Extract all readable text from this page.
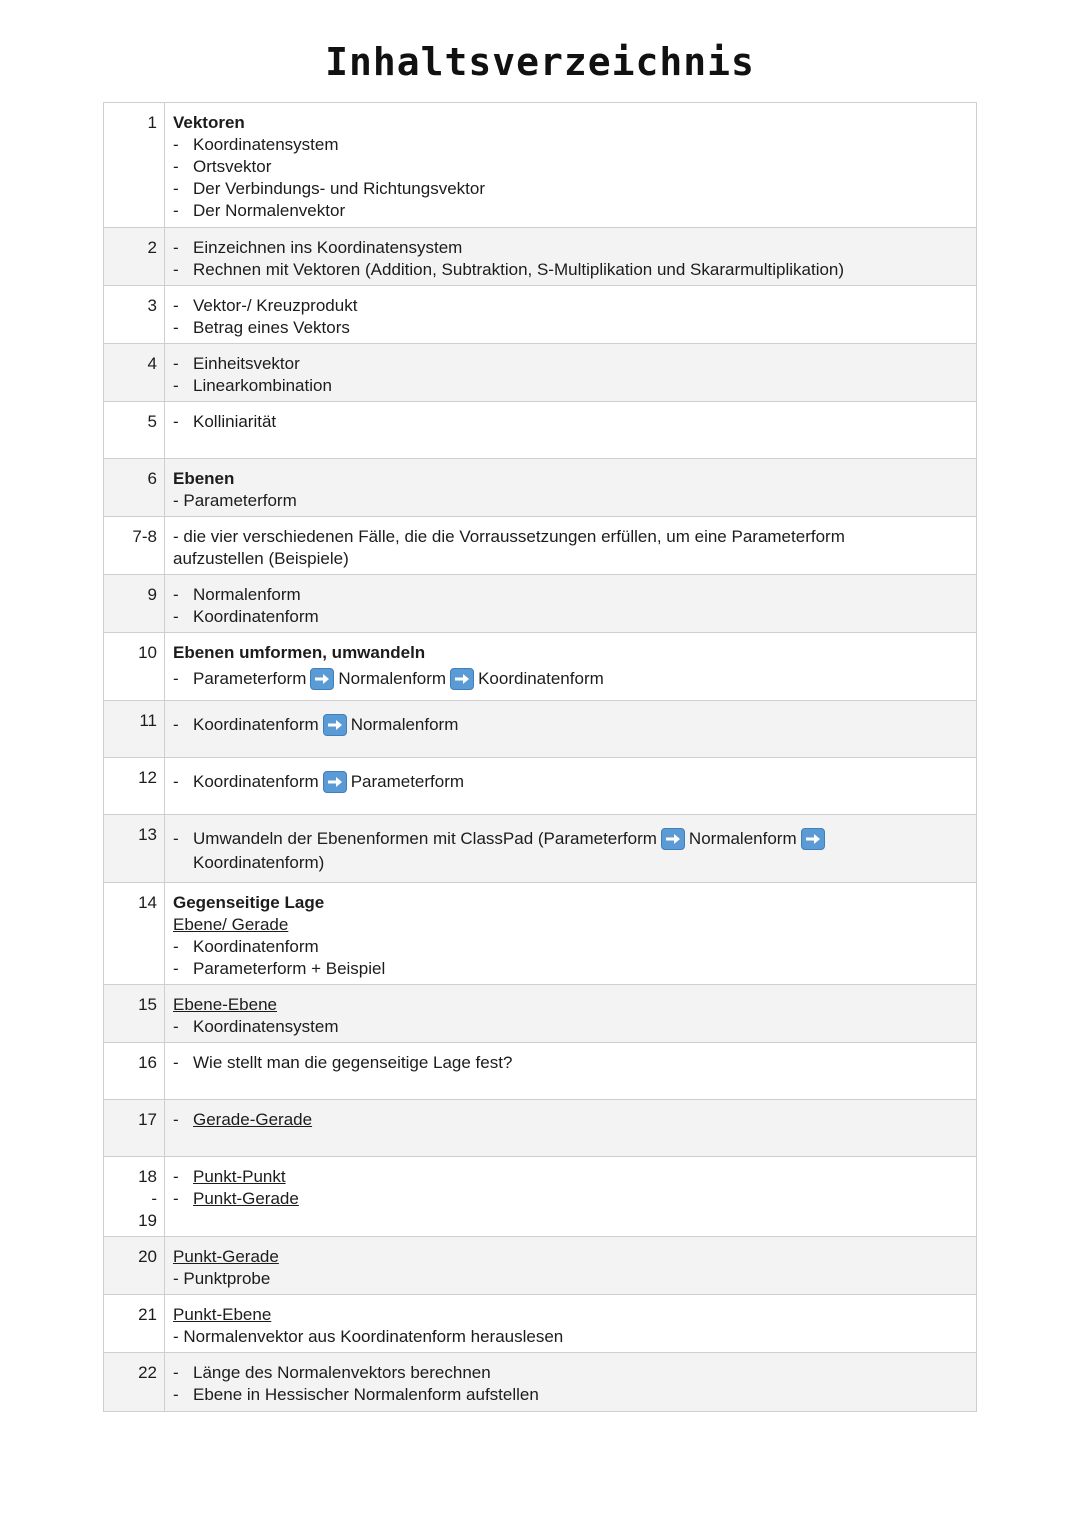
Inhaltsverzeichnis
1 Vektoren
- Koordinatensystem
- Ortsvektor
- Der Verbindungs- und Richtungsvektor
- Der Normalenvektor
2 - Einzeichnen ins Koordinatensystem
- Rechnen mit Vektoren (Addition, Subtraktion, S-Multiplikation und Skararmultiplikation)
3 - Vektor-/ Kreuzprodukt
- Betrag eines Vektors
4 - Einheitsvektor
- Linearkombination
5 - Kolliniarität
6 Ebenen
- Parameterform
7-8 - die vier verschiedenen Fälle, die die Vorraussetzungen erfüllen, um eine Parameterform aufzustellen (Beispiele)
9 - Normalenform
- Koordinatenform
10 Ebenen umformen, umwandeln
- Parameterform Normalenform Koordinatenform
11 - Koordinatenform Normalenform
12 - Koordinatenform Parameterform
13 - Umwandeln der Ebenenformen mit ClassPad (Parameterform Normalenform
Koordinatenform)
14 Gegenseitige Lage
Ebene/ Gerade
- Koordinatenform
- Parameterform + Beispiel
15 Ebene-Ebene
- Koordinatensystem
16 - Wie stellt man die gegenseitige Lage fest?
17 - Gerade-Gerade
18
-
19
- Punkt-Punkt
- Punkt-Gerade
20 Punkt-Gerade
- Punktprobe
21 Punkt-Ebene
- Normalenvektor aus Koordinatenform herauslesen
22 - Länge des Normalenvektors berechnen
- Ebene in Hessischer Normalenform aufstellen
